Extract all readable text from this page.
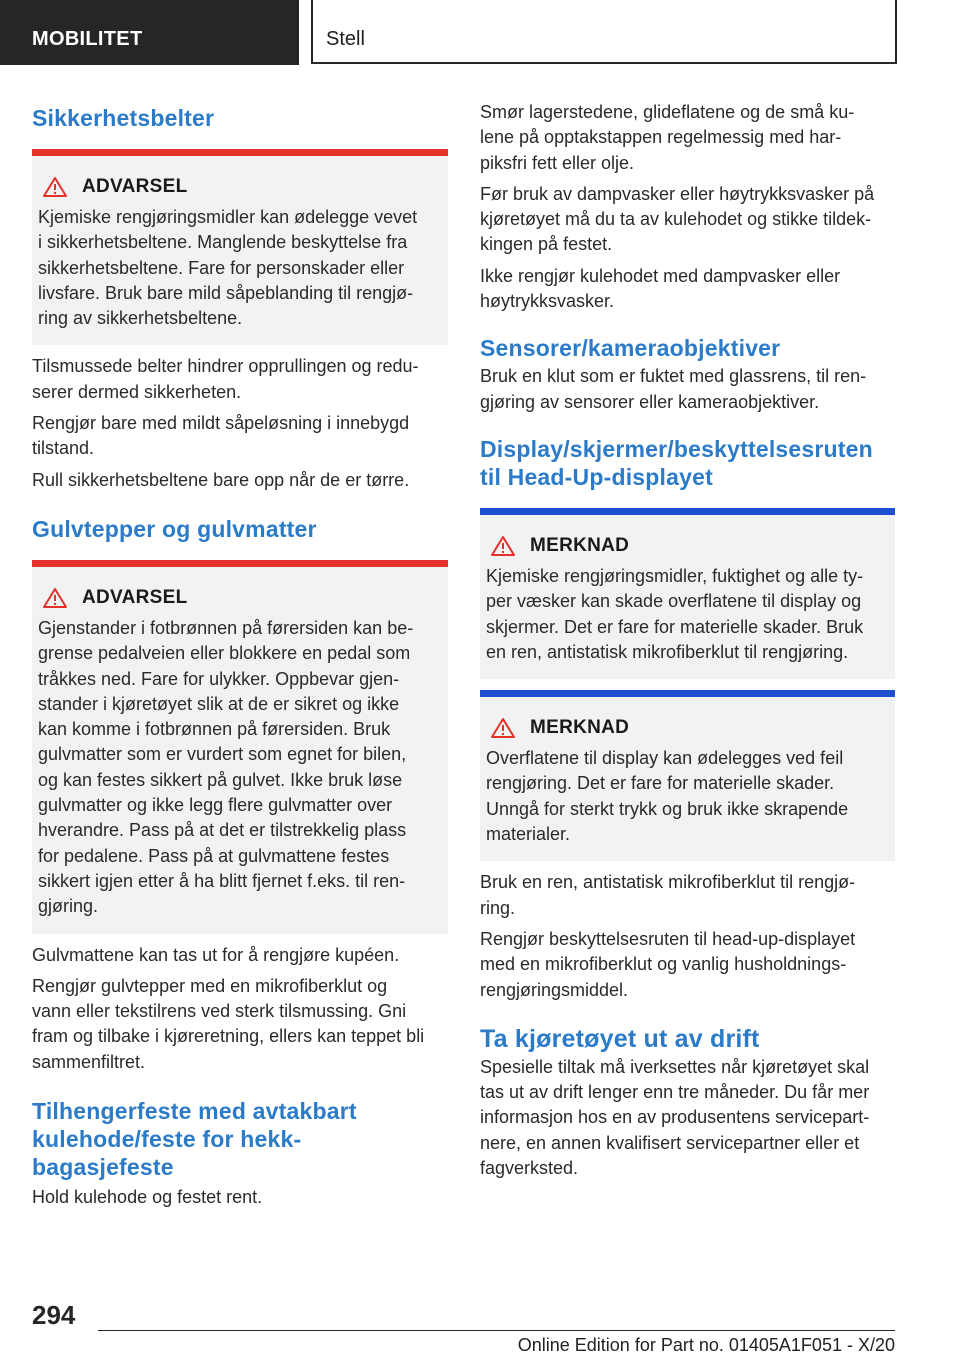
MOBILITET	Stell
Sikkerhetsbelter
ADVARSEL

Kjemiske rengjøringsmidler kan ødelegge vevet
i sikkerhetsbeltene. Manglende beskyttelse fra
sikkerhetsbeltene. Fare for personskader eller
livsfare. Bruk bare mild såpeblanding til rengjø‐
ring av sikkerhetsbeltene.

Tilsmussede belter hindrer opprullingen og redu‐
serer dermed sikkerheten.

Rengjør bare med mildt såpeløsning i innebygd
tilstand.

Rull sikkerhetsbeltene bare opp når de er tørre.

Gulvtepper og gulvmatter
ADVARSEL

Gjenstander i fotbrønnen på førersiden kan be‐
grense pedalveien eller blokkere en pedal som
tråkkes ned. Fare for ulykker. Oppbevar gjen‐
stander i kjøretøyet slik at de er sikret og ikke
kan komme i fotbrønnen på førersiden. Bruk
gulvmatter som er vurdert som egnet for bilen,
og kan festes sikkert på gulvet. Ikke bruk løse
gulvmatter og ikke legg flere gulvmatter over
hverandre. Pass på at det er tilstrekkelig plass
for pedalene. Pass på at gulvmattene festes
sikkert igjen etter å ha blitt fjernet f.eks. til ren‐
gjøring.

Gulvmattene kan tas ut for å rengjøre kupéen.

Rengjør gulvtepper med en mikrofiberklut og
vann eller tekstilrens ved sterk tilsmussing. Gni
fram og tilbake i kjøreretning, ellers kan teppet bli
sammenfiltret.

Tilhengerfeste med avtakbart
kulehode/feste for hekk‐
bagasjefeste

Hold kulehode og festet rent.

Smør lagerstedene, glideflatene og de små ku‐
lene på opptakstappen regelmessig med har‐
piksfri fett eller olje.

Før bruk av dampvasker eller høytrykksvasker på
kjøretøyet må du ta av kulehodet og stikke tildek‐
kingen på festet.

Ikke rengjør kulehodet med dampvasker eller
høytrykksvasker.

Sensorer/kameraobjektiver

Bruk en klut som er fuktet med glassrens, til ren‐
gjøring av sensorer eller kameraobjektiver.

Display/skjermer/beskyttelsesruten
til Head-Up-displayet
MERKNAD

Kjemiske rengjøringsmidler, fuktighet og alle ty‐
per væsker kan skade overflatene til display og
skjermer. Det er fare for materielle skader. Bruk
en ren, antistatisk mikrofiberklut til rengjøring.

MERKNAD

Overflatene til display kan ødelegges ved feil
rengjøring. Det er fare for materielle skader.
Unngå for sterkt trykk og bruk ikke skrapende
materialer.

Bruk en ren, antistatisk mikrofiberklut til rengjø‐
ring.

Rengjør beskyttelsesruten til head-up-displayet
med en mikrofiberklut og vanlig husholdnings‐
rengjøringsmiddel.

Ta kjøretøyet ut av drift

Spesielle tiltak må iverksettes når kjøretøyet skal
tas ut av drift lenger enn tre måneder. Du får mer
informasjon hos en av produsentens servicepart‐
nere, en annen kvalifisert servicepartner eller et
fagverksted.

294
Online Edition for Part no. 01405A1F051 - X/20
